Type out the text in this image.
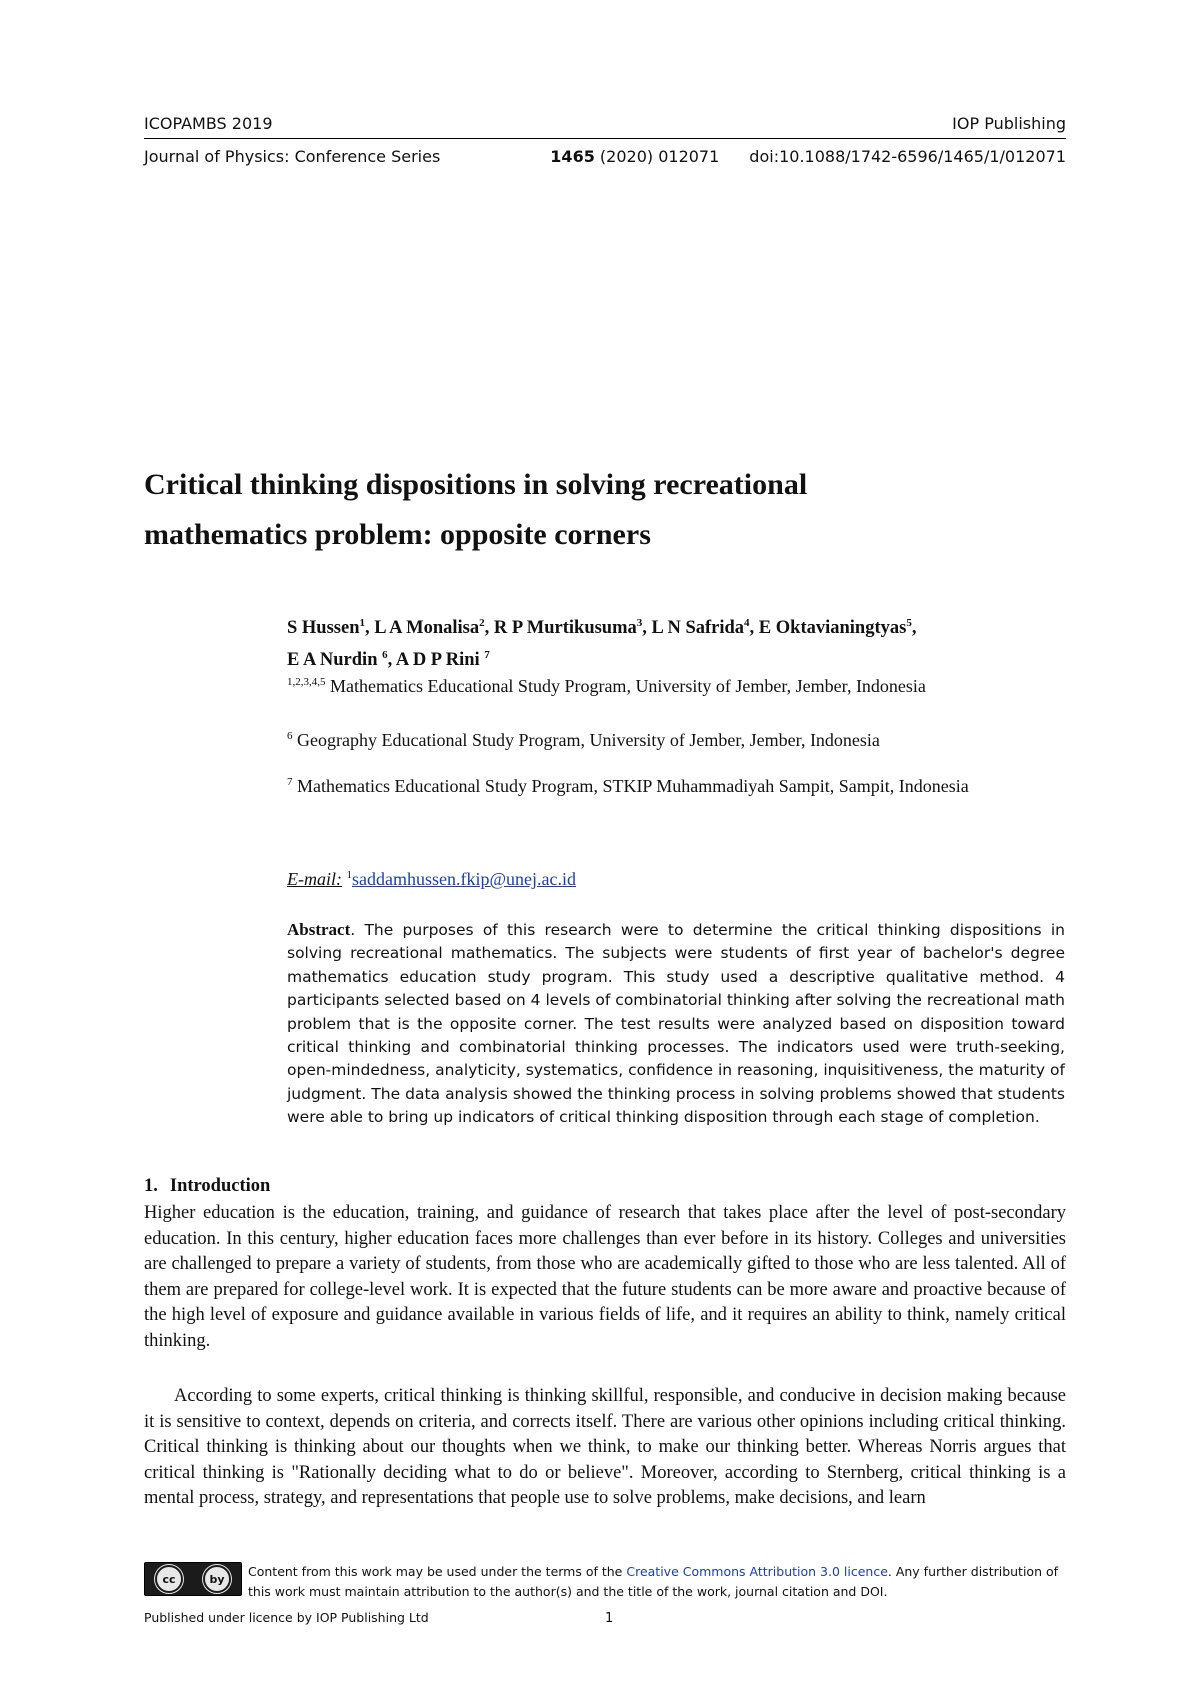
ICOPAMBS 2019	IOP Publishing
Journal of Physics: Conference Series	1465 (2020) 012071 doi:10.1088/1742-6596/1465/1/012071
Critical thinking dispositions in solving recreational
mathematics problem: opposite corners
S Hussen$^1$, L A Monalisa$^2$, R P Murtikusuma$^3$, L N Safrida$^4$, E Oktavianingtyas$^5$,
E A Nurdin $^6$, A D P Rini $^7$
$^{1,2,3,4,5}$ Mathematics Educational Study Program, University of Jember, Jember, Indonesia
$^6$ Geography Educational Study Program, University of Jember, Jember, Indonesia
$^7$ Mathematics Educational Study Program, STKIP Muhammadiyah Sampit, Sampit, Indonesia
E-mail: $^1$saddamhussen.fkip@unej.ac.id

Abstract. The purposes of this research were to determine the critical thinking dispositions in solving recreational mathematics. The subjects were students of first year of bachelor's degree mathematics education study program. This study used a descriptive qualitative method. 4 participants selected based on 4 levels of combinatorial thinking after solving the recreational math problem that is the opposite corner. The test results were analyzed based on disposition toward critical thinking and combinatorial thinking processes. The indicators used were truth-seeking, open-mindedness, analyticity, systematics, confidence in reasoning, inquisitiveness, the maturity of judgment. The data analysis showed the thinking process in solving problems showed that students were able to bring up indicators of critical thinking disposition through each stage of completion.

1. Introduction

Higher education is the education, training, and guidance of research that takes place after the level of post-secondary education. In this century, higher education faces more challenges than ever before in its history. Colleges and universities are challenged to prepare a variety of students, from those who are academically gifted to those who are less talented. All of them are prepared for college-level work. It is expected that the future students can be more aware and proactive because of the high level of exposure and guidance available in various fields of life, and it requires an ability to think, namely critical thinking.

According to some experts, critical thinking is thinking skillful, responsible, and conducive in decision making because it is sensitive to context, depends on criteria, and corrects itself. There are various other opinions including critical thinking. Critical thinking is thinking about our thoughts when we think, to make our thinking better. Whereas Norris argues that critical thinking is "Rationally deciding what to do or believe". Moreover, according to Sternberg, critical thinking is a mental process, strategy, and representations that people use to solve problems, make decisions, and learn

cc	by	Content from this work may be used under the terms of the Creative Commons Attribution 3.0 licence. Any further distribution of this work must maintain attribution to the author(s) and the title of the work, journal citation and DOI.
Published under licence by IOP Publishing Ltd	1
